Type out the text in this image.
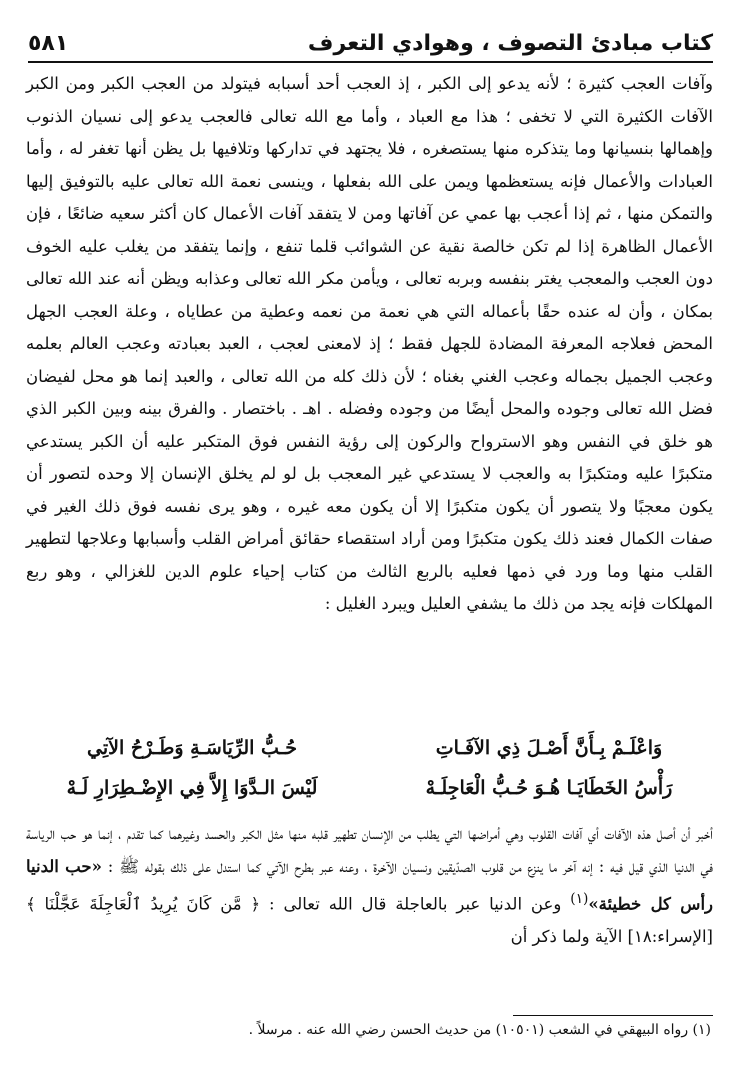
كتاب مبادئ التصوف ، وهوادي التعرف
٥٨١

وآفات العجب كثيرة ؛ لأنه يدعو إلى الكبر ، إذ العجب أحد أسبابه فيتولد من العجب الكبر ومن الكبر الآفات الكثيرة التي لا تخفى ؛ هذا مع العباد ، وأما مع الله تعالى فالعجب يدعو إلى نسيان الذنوب وإهمالها بنسيانها وما يتذكره منها يستصغره ، فلا يجتهد في تداركها وتلافيها بل يظن أنها تغفر له ، وأما العبادات والأعمال فإنه يستعظمها ويمن على الله بفعلها ، وينسى نعمة الله تعالى عليه بالتوفيق إليها والتمكن منها ، ثم إذا أعجب بها عمي عن آفاتها ومن لا يتفقد آفات الأعمال كان أكثر سعيه ضائعًا ، فإن الأعمال الظاهرة إذا لم تكن خالصة نقية عن الشوائب قلما تنفع ، وإنما يتفقد من يغلب عليه الخوف دون العجب والمعجب يغتر بنفسه وبربه تعالى ، ويأمن مكر الله تعالى وعذابه ويظن أنه عند الله تعالى بمكان ، وأن له عنده حقًا بأعماله التي هي نعمة من نعمه وعطية من عطاياه ، وعلة العجب الجهل المحض فعلاجه المعرفة المضادة للجهل فقط ؛ إذ لامعنى لعجب ، العبد بعبادته وعجب العالم بعلمه وعجب الجميل بجماله وعجب الغني بغناه ؛ لأن ذلك كله من الله تعالى ، والعبد إنما هو محل لفيضان فضل الله تعالى وجوده والمحل أيضًا من وجوده وفضله . اهـ . باختصار . والفرق بينه وبين الكبر الذي هو خلق في النفس وهو الاسترواح والركون إلى رؤية النفس فوق المتكبر عليه أن الكبر يستدعي متكبرًا عليه ومتكبرًا به والعجب لا يستدعي غير المعجب بل لو لم يخلق الإنسان إلا وحده لتصور أن يكون معجبًا ولا يتصور أن يكون متكبرًا إلا أن يكون معه غيره ، وهو يرى نفسه فوق ذلك الغير في صفات الكمال فعند ذلك يكون متكبرًا ومن أراد استقصاء حقائق أمراض القلب وأسبابها وعلاجها لتطهير القلب منها وما ورد في ذمها فعليه بالربع الثالث من كتاب إحياء علوم الدين للغزالي ، وهو ربع المهلكات فإنه يجد من ذلك ما يشفي العليل ويبرد الغليل :

وَاعْلَـمْ بِـأَنَّ أَصْـلَ ذِي الآفَـاتِ
حُـبُّ الرِّيَاسَـةِ وَطَـرْحُ الآتِي
رَأْسُ الخَطَايَـا هُـوَ حُـبُّ الْعَاجِلَـهْ
لَيْسَ الـدَّوَا إِلاَّ فِي الإِضْـطِرَارِ لَـهْ

أخبر أن أصل هذه الآفات أي آفات القلوب وهي أمراضها التي يطلب من الإنسان تطهير قلبه منها مثل الكبر والحسد وغيرهما كما تقدم ، إنما هو حب الرياسة في الدنيا الذي قيل فيه : إنه آخر ما ينزع من قلوب الصدّيقين ونسيان الآخرة ، وعنه عبر بطرح الآتي كما استدل على ذلك بقوله ﷺ : «حب الدنيا رأس كل خطيئة»$^{(١)}$ وعن الدنيا عبر بالعاجلة قال الله تعالى : ﴿ مَّن كَانَ يُرِيدُ ٱلْعَاجِلَةَ عَجَّلْنَا ﴾ [الإسراء:١٨] الآية ولما ذكر أن

(١) رواه البيهقي في الشعب (١٠٥٠١) من حديث الحسن رضي الله عنه . مرسلاً .
